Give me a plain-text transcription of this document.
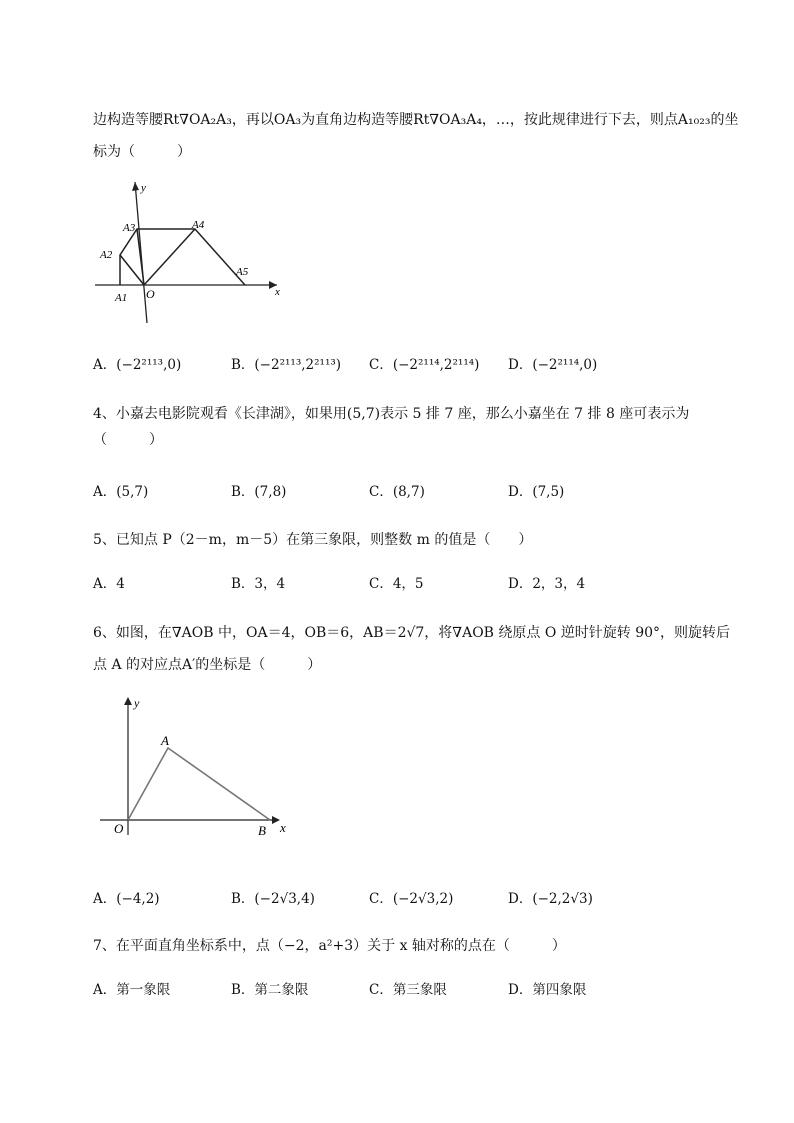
边构造等腰Rt∇OA₂A₃，再以OA₃为直角边构造等腰Rt∇OA₃A₄，…，按此规律进行下去，则点A₁₀₂₃的坐
标为（　　　）
y
x
O
A1
A2
A3	A4
A5
A．(−2²¹¹³,0)	B．(−2²¹¹³,2²¹¹³) C．(−2²¹¹⁴,2²¹¹⁴) D．(−2²¹¹⁴,0)
4、小嘉去电影院观看《长津湖》，如果用(5,7)表示 5 排 7 座，那么小嘉坐在 7 排 8 座可表示为
（　　　）
A．(5,7)	B．(7,8)	C．(8,7)	D．(7,5)
5、已知点 P（2－m，m－5）在第三象限，则整数 m 的值是（　　）
A．4	B．3，4	C．4，5	D．2，3，4
6、如图，在∇AOB 中，OA＝4，OB＝6，AB＝2√7，将∇AOB 绕原点 O 逆时针旋转 90°，则旋转后
点 A 的对应点A′的坐标是（　　　）
y
x
O
A
B
A．(−4,2)	B．(−2√3,4)	C．(−2√3,2)	D．(−2,2√3)
7、在平面直角坐标系中，点（−2，a²+3）关于 x 轴对称的点在（　　　）
A．第一象限	B．第二象限	C．第三象限	D．第四象限
